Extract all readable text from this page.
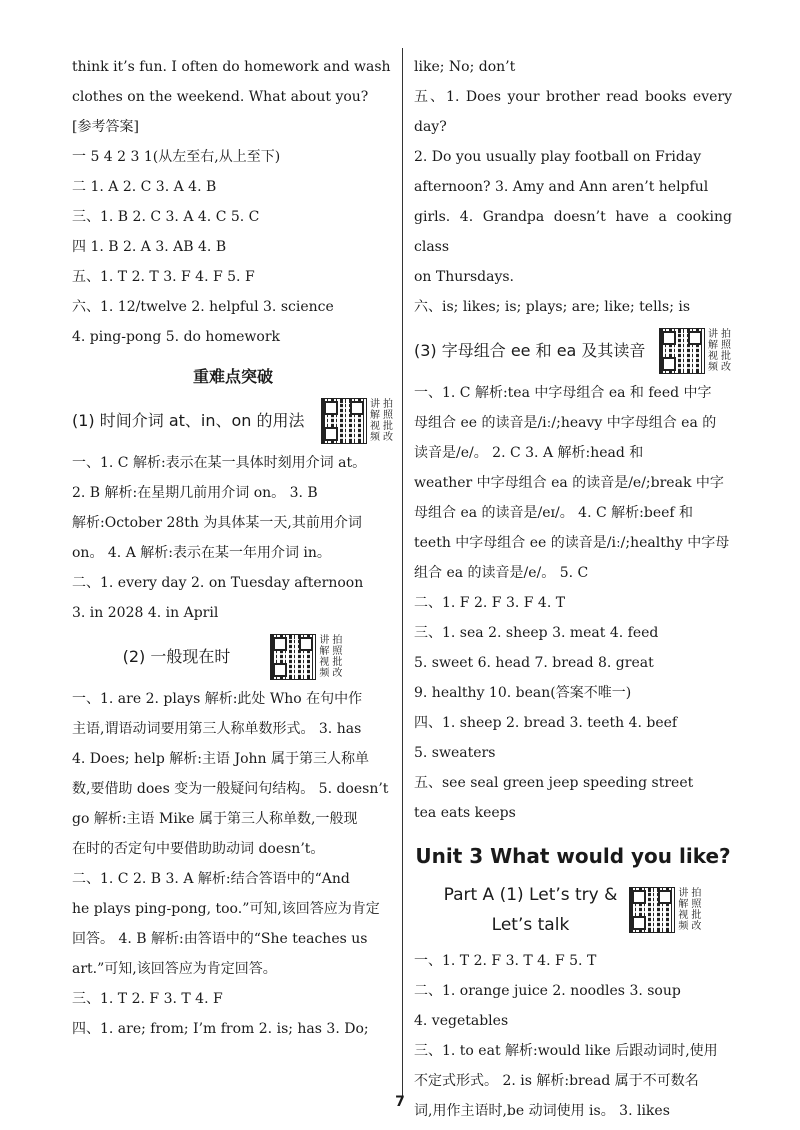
think it’s fun. I often do homework and wash

clothes on the weekend. What about you?

[参考答案]

一 5 4 2 3 1(从左至右,从上至下)

二 1. A 2. C 3. A 4. B

三、1. B 2. C 3. A 4. C 5. C

四 1. B 2. A 3. AB 4. B

五、1. T 2. T 3. F 4. F 5. F

六、1. 12/twelve 2. helpful 3. science

4. ping-pong 5. do homework

重难点突破
(1) 时间介词 at、in、on 的用法
讲 拍
解 照
视 批
频 改

一、1. C 解析:表示在某一具体时刻用介词 at。

2. B 解析:在星期几前用介词 on。 3. B

解析:October 28th 为具体某一天,其前用介词

on。 4. A 解析:表示在某一年用介词 in。

二、1. every day 2. on Tuesday afternoon

3. in 2028 4. in April

(2) 一般现在时
讲 拍
解 照
视 批
频 改

一、1. are 2. plays 解析:此处 Who 在句中作

主语,谓语动词要用第三人称单数形式。 3. has

4. Does; help 解析:主语 John 属于第三人称单

数,要借助 does 变为一般疑问句结构。 5. doesn’t

go 解析:主语 Mike 属于第三人称单数,一般现

在时的否定句中要借助助动词 doesn’t。

二、1. C 2. B 3. A 解析:结合答语中的“And

he plays ping-pong, too.”可知,该回答应为肯定

回答。 4. B 解析:由答语中的“She teaches us

art.”可知,该回答应为肯定回答。

三、1. T 2. F 3. T 4. F

四、1. are; from; I’m from 2. is; has 3. Do;

like; No; don’t

五、1. Does your brother read books every day?

2. Do you usually play football on Friday

afternoon? 3. Amy and Ann aren’t helpful

girls. 4. Grandpa doesn’t have a cooking class

on Thursdays.

六、is; likes; is; plays; are; like; tells; is

(3) 字母组合 ee 和 ea 及其读音
讲 拍
解 照
视 批
频 改

一、1. C 解析:tea 中字母组合 ea 和 feed 中字

母组合 ee 的读音是/iː/;heavy 中字母组合 ea 的

读音是/e/。 2. C 3. A 解析:head 和

weather 中字母组合 ea 的读音是/e/;break 中字

母组合 ea 的读音是/eɪ/。 4. C 解析:beef 和

teeth 中字母组合 ee 的读音是/iː/;healthy 中字母

组合 ea 的读音是/e/。 5. C

二、1. F 2. F 3. F 4. T

三、1. sea 2. sheep 3. meat 4. feed

5. sweet 6. head 7. bread 8. great

9. healthy 10. bean(答案不唯一)

四、1. sheep 2. bread 3. teeth 4. beef

5. sweaters

五、see seal green jeep speeding street

tea eats keeps

Unit 3 What would you like?
Part A (1) Let’s try &
Let’s talk
讲 拍
解 照
视 批
频 改

一、1. T 2. F 3. T 4. F 5. T

二、1. orange juice 2. noodles 3. soup

4. vegetables

三、1. to eat 解析:would like 后跟动词时,使用

不定式形式。 2. is 解析:bread 属于不可数名

词,用作主语时,be 动词使用 is。 3. likes

7
